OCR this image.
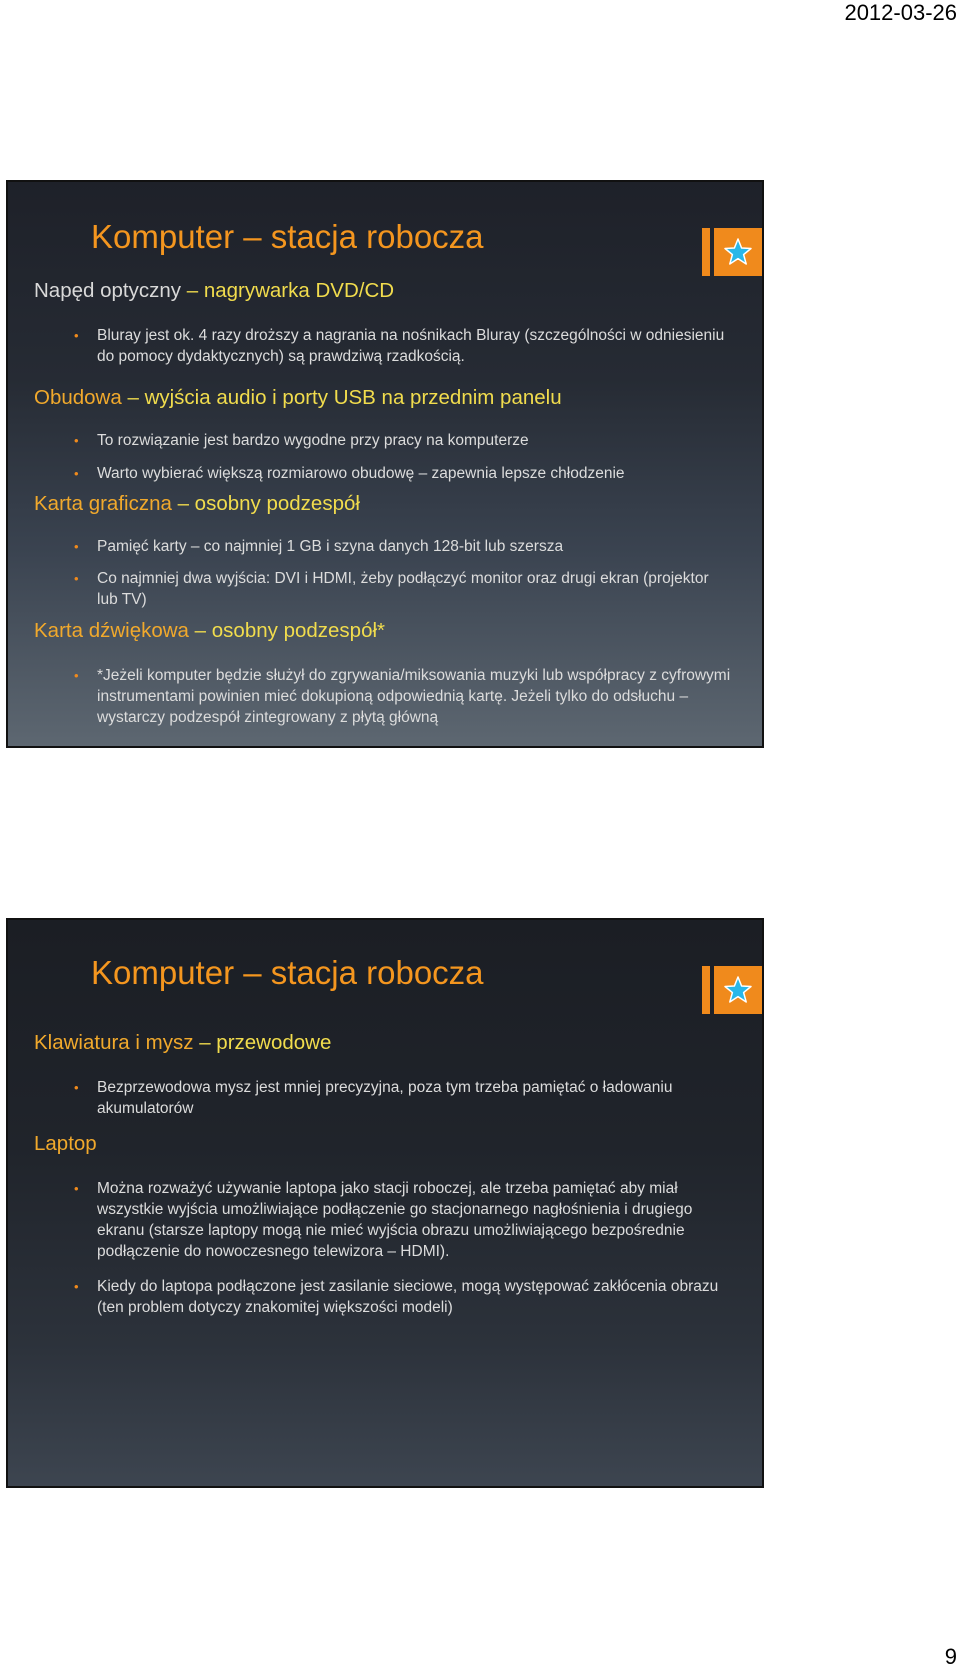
2012-03-26
Komputer – stacja robocza

Napęd optyczny – nagrywarka DVD/CD

• Bluray jest ok. 4 razy droższy a nagrania na nośnikach Bluray (szczególności w odniesieniu do pomocy dydaktycznych) są prawdziwą rzadkością.

Obudowa – wyjścia audio i porty USB na przednim panelu

• To rozwiązanie jest bardzo wygodne przy pracy na komputerze
• Warto wybierać większą rozmiarowo obudowę – zapewnia lepsze chłodzenie

Karta graficzna – osobny podzespół

• Pamięć karty – co najmniej 1 GB i szyna danych 128-bit lub szersza
• Co najmniej dwa wyjścia: DVI i HDMI, żeby podłączyć monitor oraz drugi ekran (projektor lub TV)

Karta dźwiękowa – osobny podzespół*

• *Jeżeli komputer będzie służył do zgrywania/miksowania muzyki lub współpracy z cyfrowymi instrumentami powinien mieć dokupioną odpowiednią kartę. Jeżeli tylko do odsłuchu – wystarczy podzespół zintegrowany z płytą główną
Komputer – stacja robocza

Klawiatura i mysz – przewodowe

• Bezprzewodowa mysz jest mniej precyzyjna, poza tym trzeba pamiętać o ładowaniu akumulatorów

Laptop

• Można rozważyć używanie laptopa jako stacji roboczej, ale trzeba pamiętać aby miał wszystkie wyjścia umożliwiające podłączenie go stacjonarnego nagłośnienia i drugiego ekranu (starsze laptopy mogą nie mieć wyjścia obrazu umożliwiającego bezpośrednie podłączenie do nowoczesnego telewizora – HDMI).
• Kiedy do laptopa podłączone jest zasilanie sieciowe, mogą występować zakłócenia obrazu (ten problem dotyczy znakomitej większości modeli)
9
